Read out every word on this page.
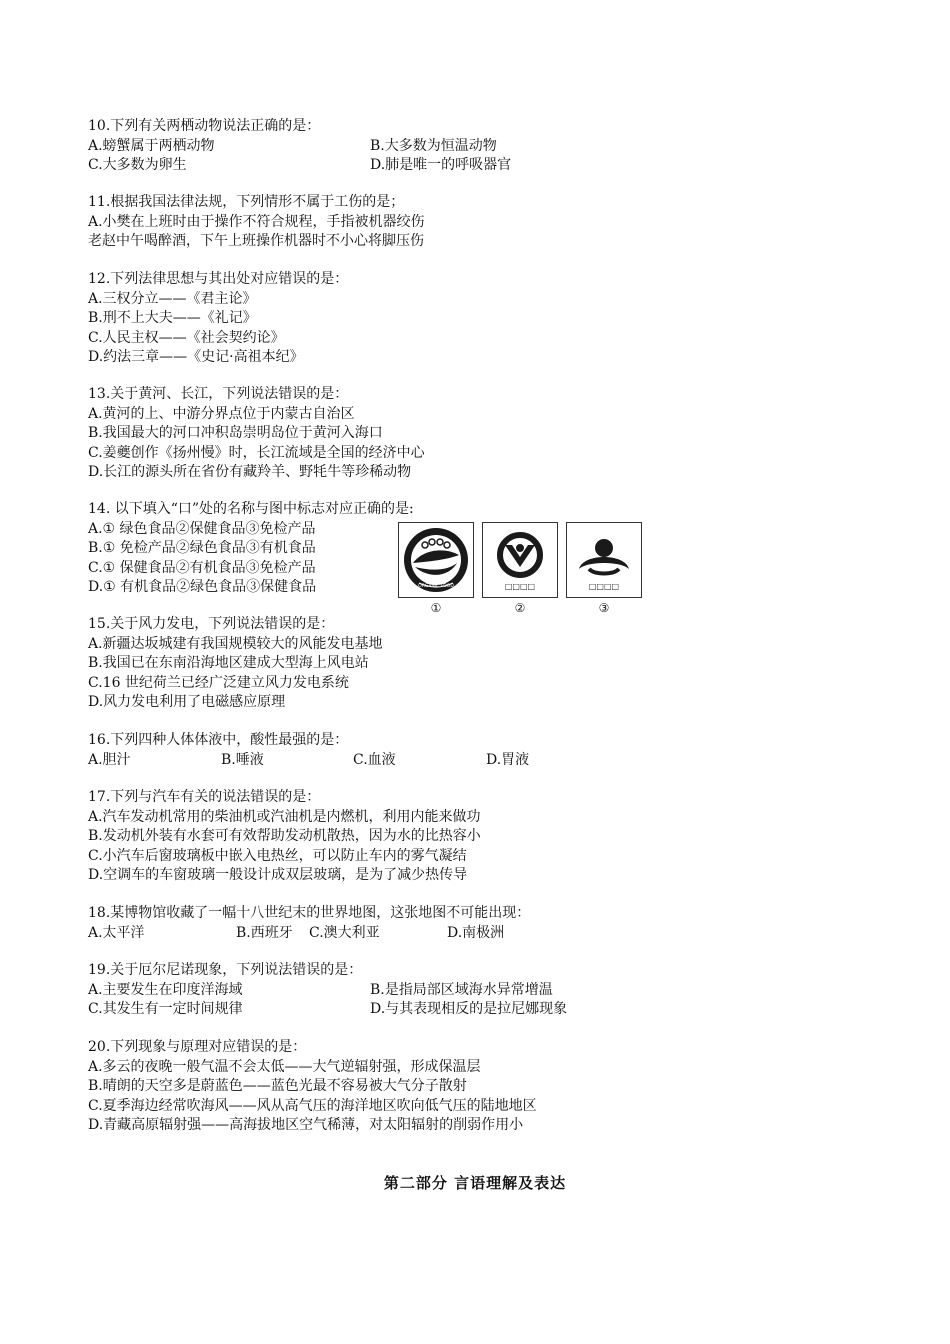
10.下列有关两栖动物说法正确的是：
A.螃蟹属于两栖动物	B.大多数为恒温动物
C.大多数为卵生	D.肺是唯一的呼吸器官
11.根据我国法律法规，下列情形不属于工伤的是；
A.小樊在上班时由于操作不符合规程，手指被机器绞伤
老赵中午喝醉酒，下午上班操作机器时不小心将脚压伤
12.下列法律思想与其出处对应错误的是：
A.三权分立——《君主论》
B.刑不上大夫——《礼记》
C.人民主权——《社会契约论》
D.约法三章——《史记·高祖本纪》
13.关于黄河、长江，下列说法错误的是：
A.黄河的上、中游分界点位于内蒙古自治区
B.我国最大的河口冲积岛崇明岛位于黄河入海口
C.姜夔创作《扬州慢》时，长江流域是全国的经济中心
D.长江的源头所在省份有藏羚羊、野牦牛等珍稀动物
14. 以下填入“口”处的名称与图中标志对应正确的是:
A.① 绿色食品②保健食品③免检产品
B.① 免检产品②绿色食品③有机食品
C.① 保健食品②有机食品③免检产品
D.① 有机食品②绿色食品③保健食品	ORGANIC FOOD
①
□□□□
②
□□□□
③
15.关于风力发电，下列说法错误的是：
A.新疆达坂城建有我国规模较大的风能发电基地
B.我国已在东南沿海地区建成大型海上风电站
C.16 世纪荷兰已经广泛建立风力发电系统
D.风力发电利用了电磁感应原理
16.下列四种人体体液中，酸性最强的是：
A.胆汁	B.唾液	C.血液	D.胃液
17.下列与汽车有关的说法错误的是：
A.汽车发动机常用的柴油机或汽油机是内燃机，利用内能来做功
B.发动机外装有水套可有效帮助发动机散热，因为水的比热容小
C.小汽车后窗玻璃板中嵌入电热丝，可以防止车内的雾气凝结
D.空调车的车窗玻璃一般设计成双层玻璃，是为了减少热传导
18.某博物馆收藏了一幅十八世纪末的世界地图，这张地图不可能出现：
A.太平洋	B.西班牙	C.澳大利亚	D.南极洲
19.关于厄尔尼诺现象，下列说法错误的是：
A.主要发生在印度洋海域	B.是指局部区域海水异常增温
C.其发生有一定时间规律	D.与其表现相反的是拉尼娜现象
20.下列现象与原理对应错误的是：
A.多云的夜晚一般气温不会太低——大气逆辐射强，形成保温层
B.晴朗的天空多是蔚蓝色——蓝色光最不容易被大气分子散射
C.夏季海边经常吹海风——风从高气压的海洋地区吹向低气压的陆地地区
D.青藏高原辐射强——高海拔地区空气稀薄，对太阳辐射的削弱作用小
第二部分 言语理解及表达
